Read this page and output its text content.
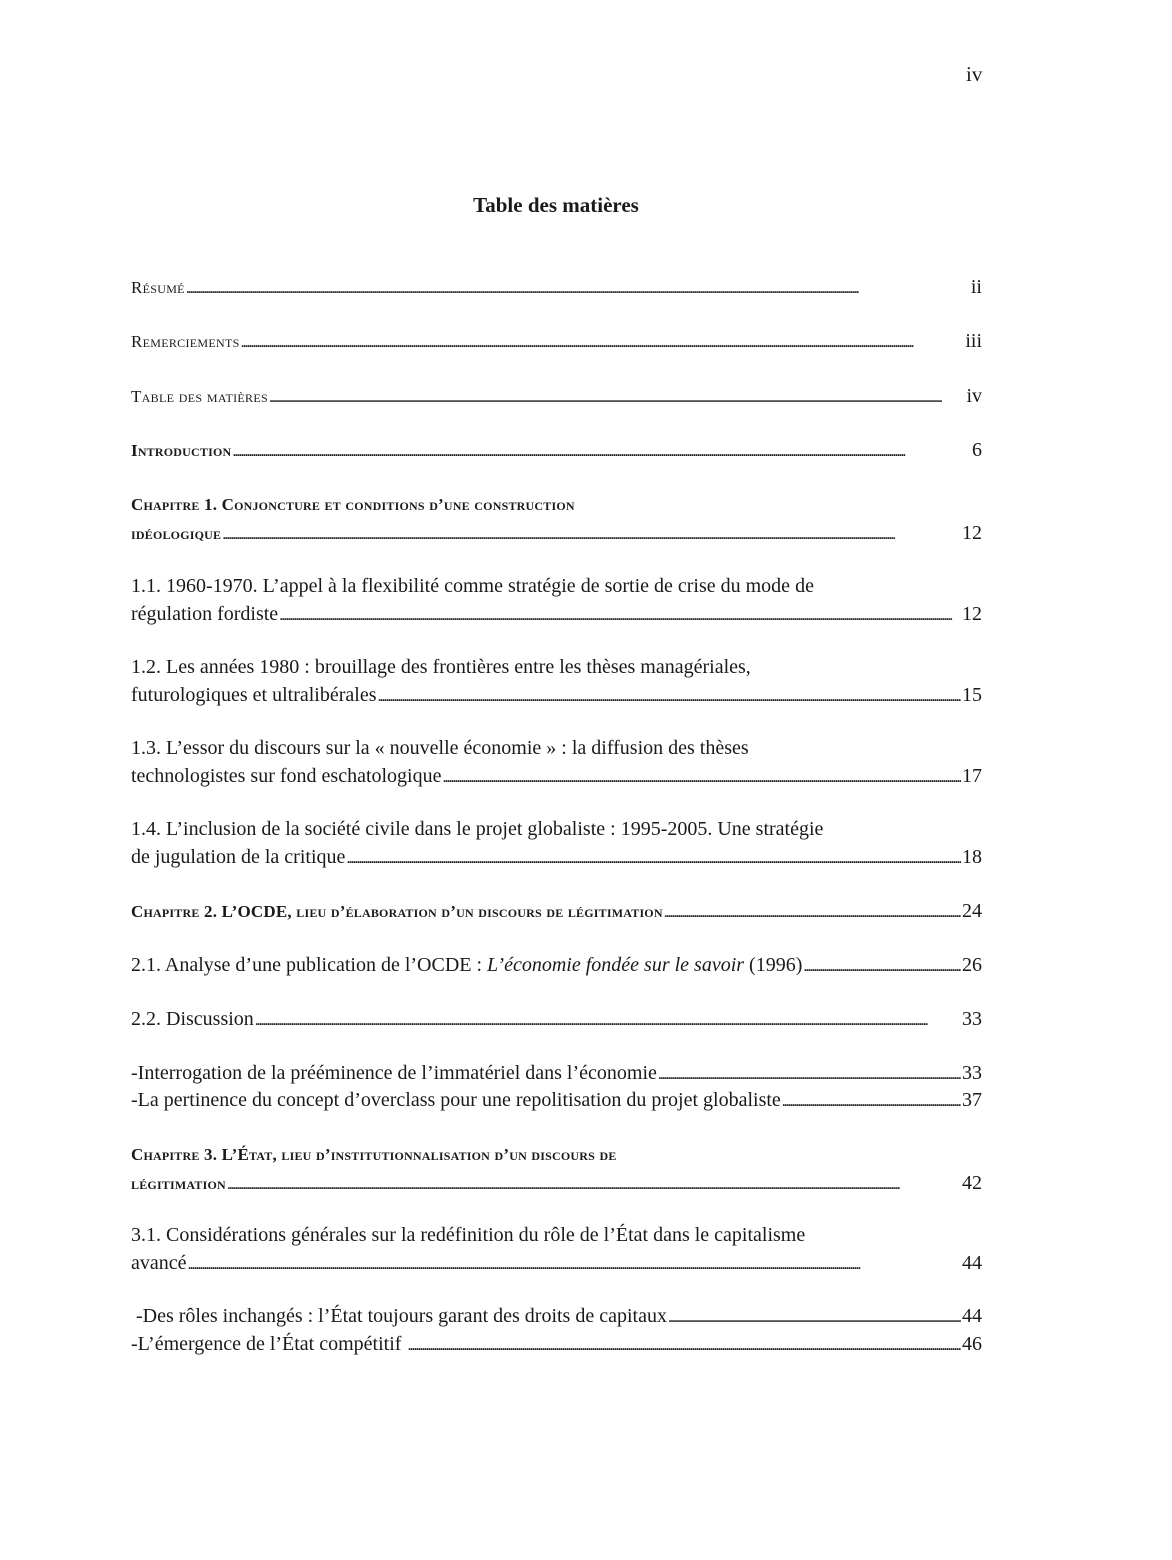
iv
Table des matières
Résumé . . .	ii
Remerciements . . .	iii
Table des matières . . .	iv
Introduction . . .	6
Chapitre 1. Conjoncture et conditions d’une construction
idéologique . . .	12
1.1. 1960-1970. L’appel à la flexibilité comme stratégie de sortie de crise du mode de
régulation fordiste . . .	12
1.2. Les années 1980 : brouillage des frontières entre les thèses managériales,
futurologiques et ultralibérales . . .	15
1.3. L’essor du discours sur la « nouvelle économie » : la diffusion des thèses
technologistes sur fond eschatologique . . .	17
1.4. L’inclusion de la société civile dans le projet globaliste : 1995-2005. Une stratégie
de jugulation de la critique . . .	18
Chapitre 2. L’OCDE, lieu d’élaboration d’un discours de légitimation . . .	24
2.1. Analyse d’une publication de l’OCDE : L’économie fondée sur le savoir (1996) . . .	26
2.2. Discussion . . .	33
-Interrogation de la prééminence de l’immatériel dans l’économie . . .	33
-La pertinence du concept d’overclass pour une repolitisation du projet globaliste . . .	37
Chapitre 3. L’État, lieu d’institutionnalisation d’un discours de
légitimation . . .	42
3.1. Considérations générales sur la redéfinition du rôle de l’État dans le capitalisme
avancé . . .	44
-Des rôles inchangés : l’État toujours garant des droits de capitaux . . .	44
-L’émergence de l’État compétitif . . .	46
